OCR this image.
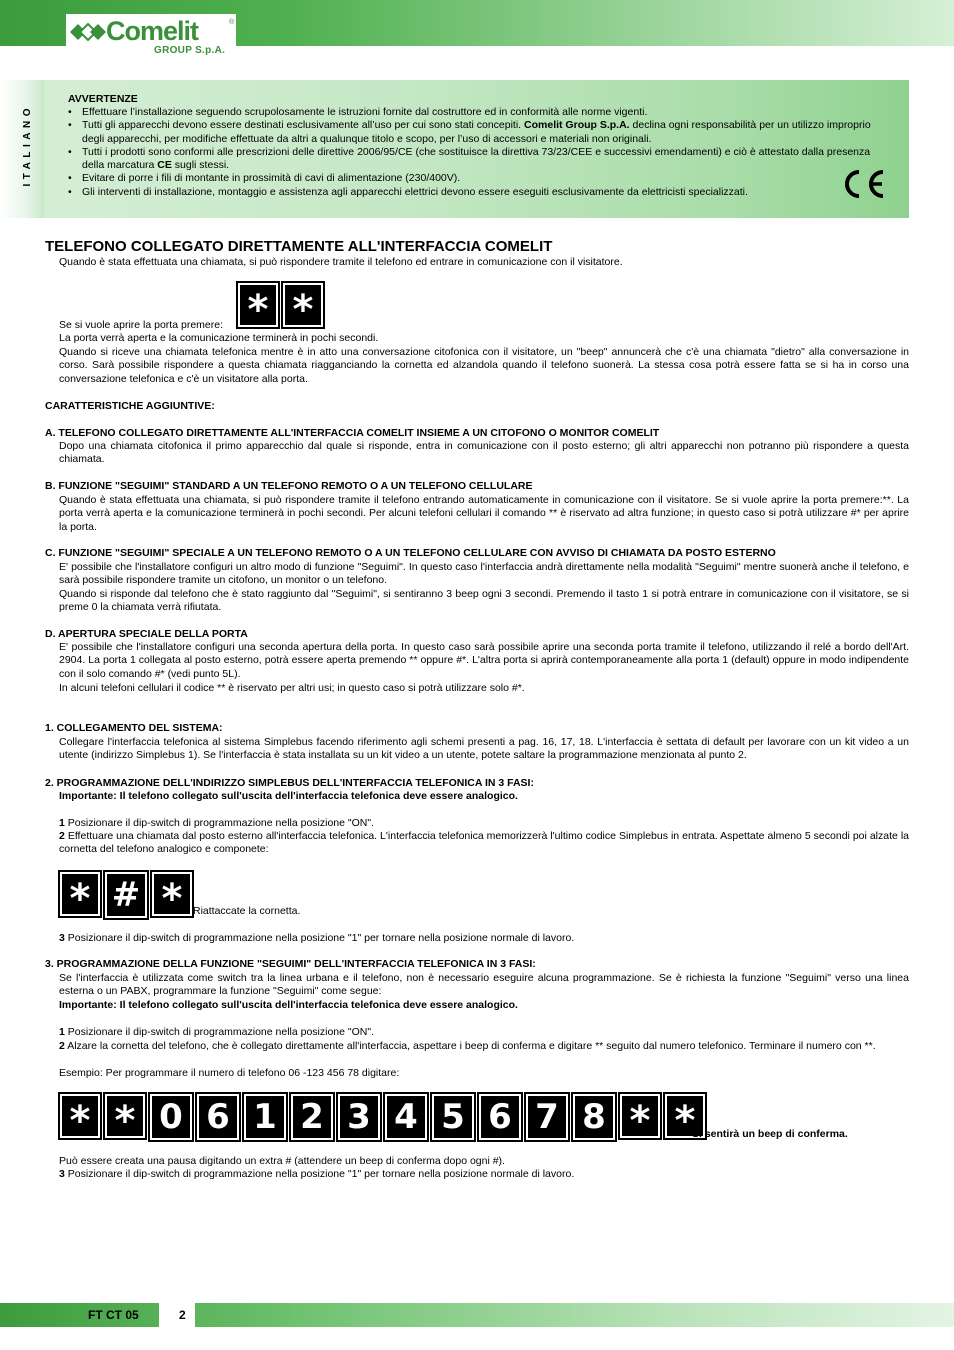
Comelit	®
GROUP S.p.A.
ITALIANO
AVVERTENZE
• Effettuare l’installazione seguendo scrupolosamente le istruzioni fornite dal costruttore ed in conformità alle norme vigenti.
• Tutti gli apparecchi devono essere destinati esclusivamente all’uso per cui sono stati concepiti. Comelit Group S.p.A. declina ogni responsabilità per un utilizzo improprio degli apparecchi, per modifiche effettuate da altri a qualunque titolo e scopo, per l’uso di accessori e materiali non originali.
• Tutti i prodotti sono conformi alle prescrizioni delle direttive 2006/95/CE (che sostituisce la direttiva 73/23/CEE e successivi emendamenti) e ciò è attestato dalla presenza della marcatura CE sugli stessi.
• Evitare di porre i fili di montante in prossimità di cavi di alimentazione (230/400V).
• Gli interventi di installazione, montaggio e assistenza agli apparecchi elettrici devono essere eseguiti esclusivamente da elettricisti specializzati.
TELEFONO COLLEGATO DIRETTAMENTE ALL'INTERFACCIA COMELIT
Quando è stata effettuata una chiamata, si può rispondere tramite il telefono ed entrare in comunicazione con il visitatore.
Se si vuole aprire la porta premere: * *
La porta verrà aperta e la comunicazione terminerà in pochi secondi.
Quando si riceve una chiamata telefonica mentre è in atto una conversazione citofonica con il visitatore, un "beep" annuncerà che c'è una chiamata "dietro" alla conversazione in corso. Sarà possibile rispondere a questa chiamata riagganciando la cornetta ed alzandola quando il telefono suonerà. La stessa cosa potrà essere fatta se si ha in corso una conversazione telefonica e c'è un visitatore alla porta.
CARATTERISTICHE AGGIUNTIVE:
A. TELEFONO COLLEGATO DIRETTAMENTE ALL'INTERFACCIA COMELIT INSIEME A UN CITOFONO O MONITOR COMELIT
Dopo una chiamata citofonica il primo apparecchio dal quale si risponde, entra in comunicazione con il posto esterno; gli altri apparecchi non potranno più rispondere a questa chiamata.
B. FUNZIONE "SEGUIMI" STANDARD A UN TELEFONO REMOTO O A UN TELEFONO CELLULARE
Quando è stata effettuata una chiamata, si può rispondere tramite il telefono entrando automaticamente in comunicazione con il visitatore. Se si vuole aprire la porta premere:**. La porta verrà aperta e la comunicazione terminerà in pochi secondi. Per alcuni telefoni cellulari il comando ** è riservato ad altra funzione; in questo caso si potrà utilizzare #* per aprire la porta.
C. FUNZIONE "SEGUIMI" SPECIALE A UN TELEFONO REMOTO O A UN TELEFONO CELLULARE CON AVVISO DI CHIAMATA DA POSTO ESTERNO
E' possibile che l'installatore configuri un altro modo di funzione "Seguimi". In questo caso l'interfaccia andrà direttamente nella modalità "Seguimi" mentre suonerà anche il telefono, e sarà possibile rispondere tramite un citofono, un monitor o un telefono.
Quando si risponde dal telefono che è stato raggiunto dal "Seguimi", si sentiranno 3 beep ogni 3 secondi. Premendo il tasto 1 si potrà entrare in comunicazione con il visitatore, se si preme 0 la chiamata verrà rifiutata.
D. APERTURA SPECIALE DELLA PORTA
E' possibile che l'installatore configuri una seconda apertura della porta. In questo caso sarà possibile aprire una seconda porta tramite il telefono, utilizzando il relé a bordo dell'Art. 2904. La porta 1 collegata al posto esterno, potrà essere aperta premendo ** oppure #*. L'altra porta si aprirà contemporaneamente alla porta 1 (default) oppure in modo indipendente con il solo comando #* (vedi punto 5L).
In alcuni telefoni cellulari il codice ** è riservato per altri usi; in questo caso si potrà utilizzare solo #*.
1. COLLEGAMENTO DEL SISTEMA:
Collegare l'interfaccia telefonica al sistema Simplebus facendo riferimento agli schemi presenti a pag. 16, 17, 18. L'interfaccia è settata di default per lavorare con un kit video a un utente (indirizzo Simplebus 1). Se l'interfaccia è stata installata su un kit video a un utente, potete saltare la programmazione menzionata al punto 2.
2. PROGRAMMAZIONE DELL'INDIRIZZO SIMPLEBUS DELL'INTERFACCIA TELEFONICA IN 3 FASI:
Importante: Il telefono collegato sull'uscita dell'interfaccia telefonica deve essere analogico.
1 Posizionare il dip-switch di programmazione nella posizione "ON".
2 Effettuare una chiamata dal posto esterno all'interfaccia telefonica. L'interfaccia telefonica memorizzerà l'ultimo codice Simplebus in entrata. Aspettate almeno 5 secondi poi alzate la cornetta del telefono analogico e componete:
* # *	Riattaccate la cornetta.
3 Posizionare il dip-switch di programmazione nella posizione "1" per tornare nella posizione normale di lavoro.
3. PROGRAMMAZIONE DELLA FUNZIONE "SEGUIMI" DELL'INTERFACCIA TELEFONICA IN 3 FASI:
Se l'interfaccia è utilizzata come switch tra la linea urbana e il telefono, non è necessario eseguire alcuna programmazione. Se è richiesta la funzione "Seguimi" verso una linea esterna o un PABX, programmare la funzione "Seguimi" come segue:
Importante: Il telefono collegato sull'uscita dell'interfaccia telefonica deve essere analogico.
1 Posizionare il dip-switch di programmazione nella posizione "ON".
2 Alzare la cornetta del telefono, che è collegato direttamente all'interfaccia, aspettare i beep di conferma e digitare ** seguito dal numero telefonico. Terminare il numero con **.
Esempio: Per programmare il numero di telefono 06 -123 456 78 digitare:
* * 0 6 1 2 3 4 5 6 7 8 * *
Si sentirà un beep di conferma.
Può essere creata una pausa digitando un extra # (attendere un beep di conferma dopo ogni #).
3 Posizionare il dip-switch di programmazione nella posizione "1" per tornare nella posizione normale di lavoro.
FT CT 05	2
